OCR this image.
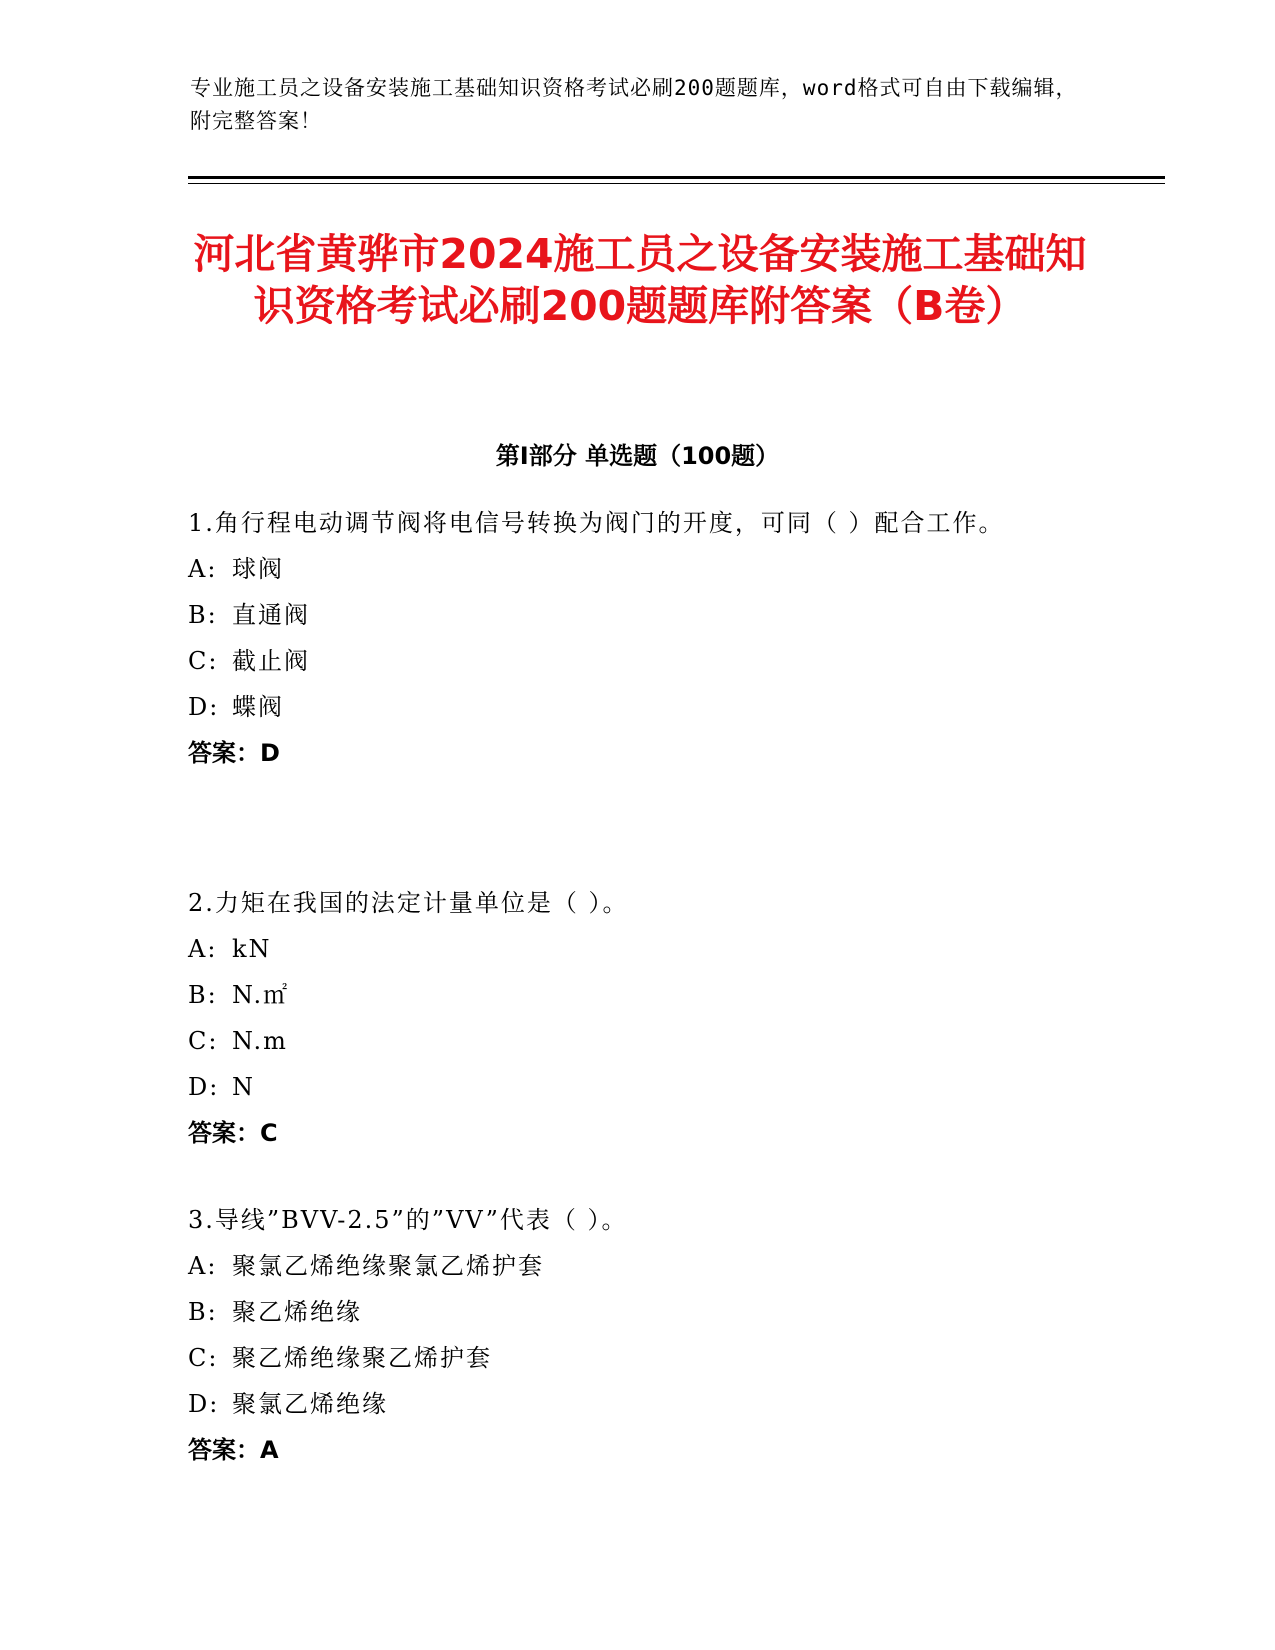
专业施工员之设备安装施工基础知识资格考试必刷200题题库，word格式可自由下载编辑，附完整答案！
河北省黄骅市2024施工员之设备安装施工基础知识资格考试必刷200题题库附答案（B卷）
第Ⅰ部分 单选题（100题）

1.角行程电动调节阀将电信号转换为阀门的开度，可同（ ）配合工作。

A: 球阀

B: 直通阀

C: 截止阀

D: 蝶阀

答案：D

2.力矩在我国的法定计量单位是（ ）。

A: kN

B: N.㎡

C: N.m

D: N

答案：C

3.导线”BVV-2.5”的”VV”代表（ ）。

A: 聚氯乙烯绝缘聚氯乙烯护套

B: 聚乙烯绝缘

C: 聚乙烯绝缘聚乙烯护套

D: 聚氯乙烯绝缘

答案：A
